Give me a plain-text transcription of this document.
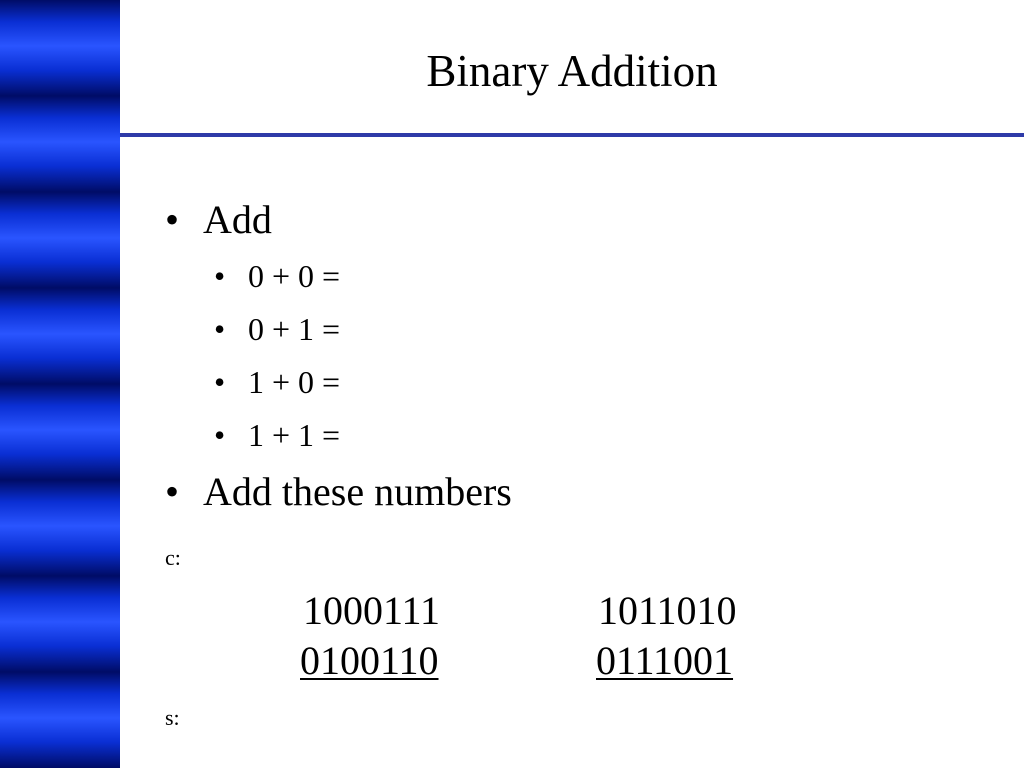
Binary Addition
• Add
• 0 + 0 =
• 0 + 1 =
• 1 + 0 =
• 1 + 1 =
• Add these numbers
c:
1000111
0100110
1011010
0111001
s:
